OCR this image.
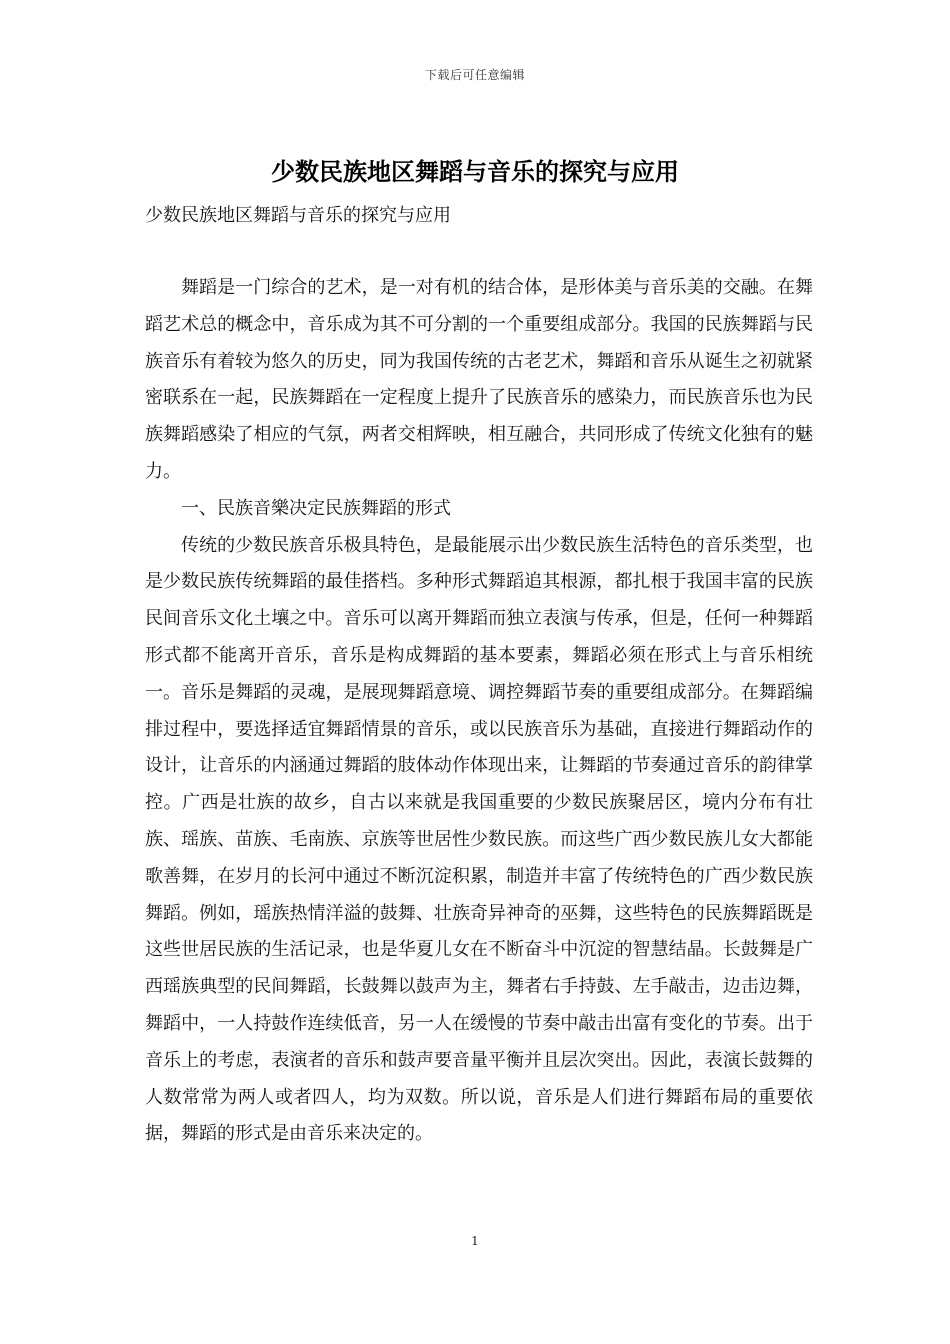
下载后可任意编辑
少数民族地区舞蹈与音乐的探究与应用
少数民族地区舞蹈与音乐的探究与应用

舞蹈是一门综合的艺术，是一对有机的结合体，是形体美与音乐美的交融。在舞蹈艺术总的概念中，音乐成为其不可分割的一个重要组成部分。我国的民族舞蹈与民族音乐有着较为悠久的历史，同为我国传统的古老艺术，舞蹈和音乐从诞生之初就紧密联系在一起，民族舞蹈在一定程度上提升了民族音乐的感染力，而民族音乐也为民族舞蹈感染了相应的气氛，两者交相辉映，相互融合，共同形成了传统文化独有的魅力。

一、民族音樂决定民族舞蹈的形式

传统的少数民族音乐极具特色，是最能展示出少数民族生活特色的音乐类型，也是少数民族传统舞蹈的最佳搭档。多种形式舞蹈追其根源，都扎根于我国丰富的民族民间音乐文化土壤之中。音乐可以离开舞蹈而独立表演与传承，但是，任何一种舞蹈形式都不能离开音乐，音乐是构成舞蹈的基本要素，舞蹈必须在形式上与音乐相统一。音乐是舞蹈的灵魂，是展现舞蹈意境、调控舞蹈节奏的重要组成部分。在舞蹈编排过程中，要选择适宜舞蹈情景的音乐，或以民族音乐为基础，直接进行舞蹈动作的设计，让音乐的内涵通过舞蹈的肢体动作体现出来，让舞蹈的节奏通过音乐的韵律掌控。广西是壮族的故乡，自古以来就是我国重要的少数民族聚居区，境内分布有壮族、瑶族、苗族、毛南族、京族等世居性少数民族。而这些广西少数民族儿女大都能歌善舞，在岁月的长河中通过不断沉淀积累，制造并丰富了传统特色的广西少数民族舞蹈。例如，瑶族热情洋溢的鼓舞、壮族奇异神奇的巫舞，这些特色的民族舞蹈既是这些世居民族的生活记录，也是华夏儿女在不断奋斗中沉淀的智慧结晶。长鼓舞是广西瑶族典型的民间舞蹈，长鼓舞以鼓声为主，舞者右手持鼓、左手敲击，边击边舞，舞蹈中，一人持鼓作连续低音，另一人在缓慢的节奏中敲击出富有变化的节奏。出于音乐上的考虑，表演者的音乐和鼓声要音量平衡并且层次突出。因此，表演长鼓舞的人数常常为两人或者四人，均为双数。所以说，音乐是人们进行舞蹈布局的重要依据，舞蹈的形式是由音乐来决定的。

1
